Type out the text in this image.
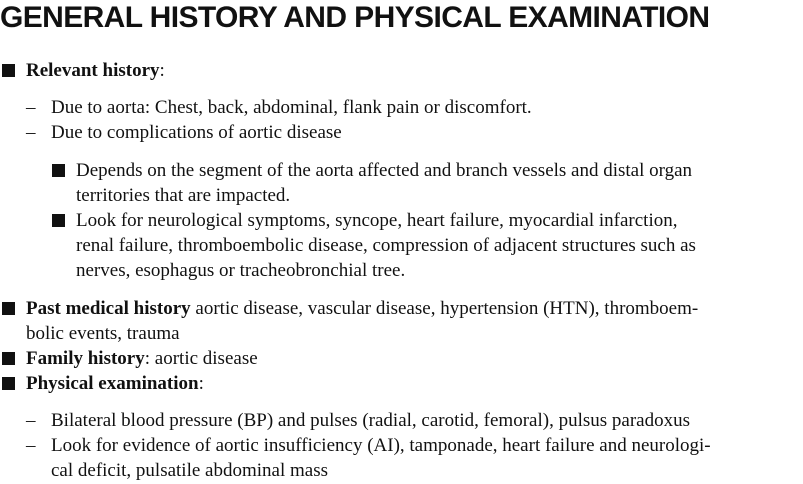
GENERAL HISTORY AND PHYSICAL EXAMINATION
Relevant history:
– Due to aorta: Chest, back, abdominal, flank pain or discomfort.
– Due to complications of aortic disease
Depends on the segment of the aorta affected and branch vessels and distal organ
territories that are impacted.
Look for neurological symptoms, syncope, heart failure, myocardial infarction,
renal failure, thromboembolic disease, compression of adjacent structures such as
nerves, esophagus or tracheobronchial tree.
Past medical history aortic disease, vascular disease, hypertension (HTN), thromboem-
bolic events, trauma
Family history: aortic disease
Physical examination:
– Bilateral blood pressure (BP) and pulses (radial, carotid, femoral), pulsus paradoxus
– Look for evidence of aortic insufficiency (AI), tamponade, heart failure and neurologi-
cal deficit, pulsatile abdominal mass
